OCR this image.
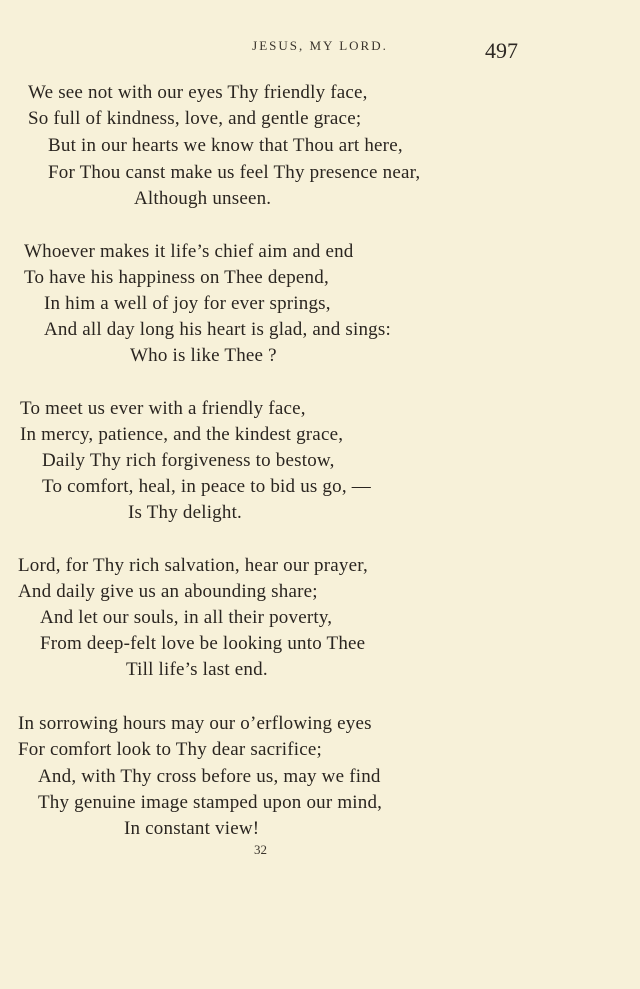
JESUS, MY LORD.	497
We see not with our eyes Thy friendly face,
So full of kindness, love, and gentle grace;
But in our hearts we know that Thou art here,
For Thou canst make us feel Thy presence near,
Although unseen.
Whoever makes it life’s chief aim and end
To have his happiness on Thee depend,
In him a well of joy for ever springs,
And all day long his heart is glad, and sings:
Who is like Thee ?
To meet us ever with a friendly face,
In mercy, patience, and the kindest grace,
Daily Thy rich forgiveness to bestow,
To comfort, heal, in peace to bid us go, —
Is Thy delight.
Lord, for Thy rich salvation, hear our prayer,
And daily give us an abounding share;
And let our souls, in all their poverty,
From deep-felt love be looking unto Thee
Till life’s last end.
In sorrowing hours may our o’erflowing eyes
For comfort look to Thy dear sacrifice;
And, with Thy cross before us, may we find
Thy genuine image stamped upon our mind,
In constant view!
32
